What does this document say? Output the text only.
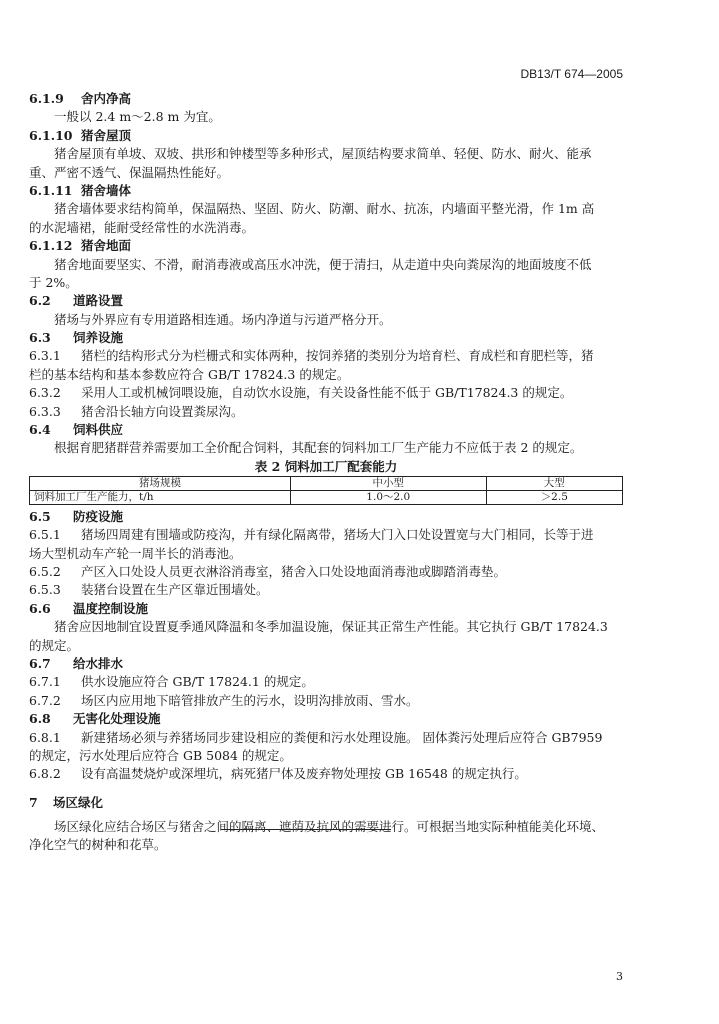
DB13/T 674—2005
6.1.9 舍内净高
一般以 2.4 m～2.8 m 为宜。
6.1.10 猪舍屋顶
猪舍屋顶有单坡、双坡、拱形和钟楼型等多种形式，屋顶结构要求简单、轻便、防水、耐火、能承
重、严密不透气、保温隔热性能好。
6.1.11 猪舍墙体
猪舍墙体要求结构简单，保温隔热、坚固、防火、防潮、耐水、抗冻，内墙面平整光滑，作 1m 高
的水泥墙裙，能耐受经常性的水洗消毒。
6.1.12 猪舍地面
猪舍地面要坚实、不滑，耐消毒液或高压水冲洗，便于清扫，从走道中央向粪尿沟的地面坡度不低
于 2%。
6.2 道路设置
猪场与外界应有专用道路相连通。场内净道与污道严格分开。
6.3 饲养设施
6.3.1 猪栏的结构形式分为栏栅式和实体两种，按饲养猪的类别分为培育栏、育成栏和育肥栏等，猪
栏的基本结构和基本参数应符合 GB/T 17824.3 的规定。
6.3.2 采用人工或机械饲喂设施，自动饮水设施，有关设备性能不低于 GB/T17824.3 的规定。
6.3.3 猪舍沿长轴方向设置粪尿沟。
6.4 饲料供应
根据育肥猪群营养需要加工全价配合饲料，其配套的饲料加工厂生产能力不应低于表 2 的规定。
表 2 饲料加工厂配套能力
猪场规模	中小型	大型
饲料加工厂生产能力，t/h	1.0～2.0	＞2.5
6.5 防疫设施
6.5.1 猪场四周建有围墙或防疫沟，并有绿化隔离带，猪场大门入口处设置宽与大门相同，长等于进
场大型机动车产轮一周半长的消毒池。
6.5.2 产区入口处设人员更衣淋浴消毒室，猪舍入口处设地面消毒池或脚踏消毒垫。
6.5.3 装猪台设置在生产区靠近围墙处。
6.6 温度控制设施
猪舍应因地制宜设置夏季通风降温和冬季加温设施，保证其正常生产性能。其它执行 GB/T 17824.3
的规定。
6.7 给水排水
6.7.1 供水设施应符合 GB/T 17824.1 的规定。
6.7.2 场区内应用地下暗管排放产生的污水，设明沟排放雨、雪水。
6.8 无害化处理设施
6.8.1 新建猪场必须与养猪场同步建设相应的粪便和污水处理设施。 固体粪污处理后应符合 GB7959
的规定，污水处理后应符合 GB 5084 的规定。
6.8.2 设有高温焚烧炉或深埋坑，病死猪尸体及废弃物处理按 GB 16548 的规定执行。
7 场区绿化
场区绿化应结合场区与猪舍之间的隔离、遮荫及抗风的需要进行。可根据当地实际种植能美化环境、
净化空气的树种和花草。
3
